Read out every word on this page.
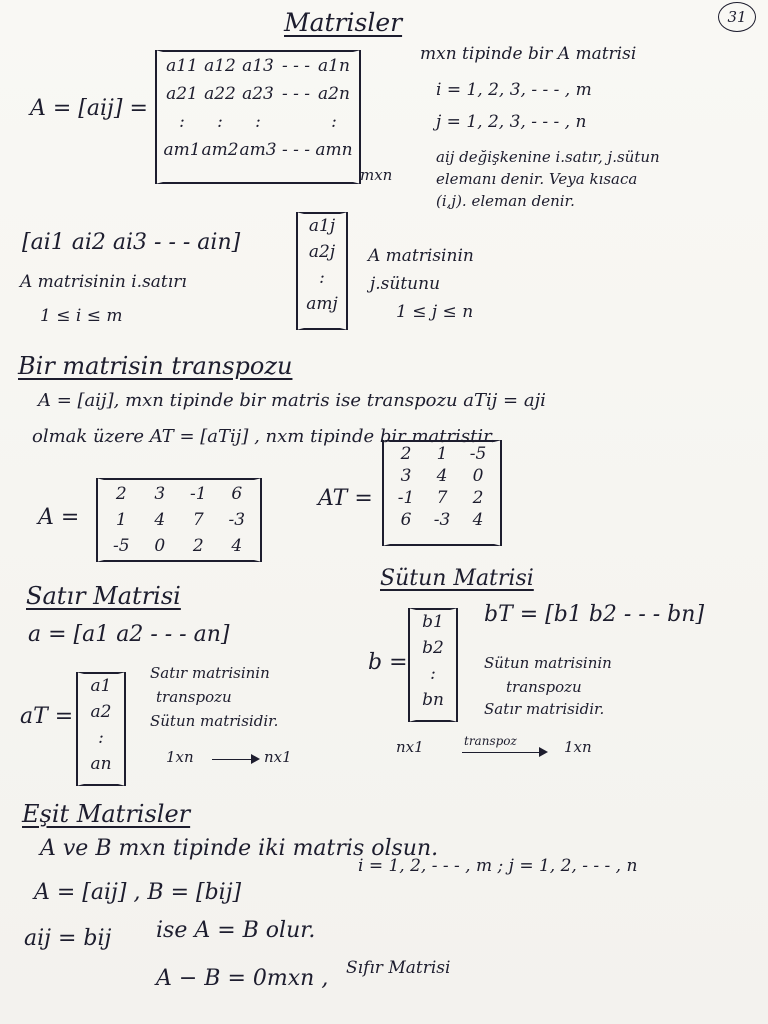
31
Matrisler
A = [aij] =
a11 a12 a13 - - - a1n
a21 a22 a23 - - - a2n
:	:	:	:
am1 am2 am3 - - - amn
mxn
mxn tipinde bir A matrisi
i = 1, 2, 3, - - - , m
j = 1, 2, 3, - - - , n
aij değişkenine i.satır, j.sütun
elemanı denir. Veya kısaca
(i,j). eleman denir.
[ai1 ai2 ai3 - - - ain]
A matrisinin i.satırı
1 ≤ i ≤ m
a1j
a2j
:
amj
A matrisinin
j.sütunu
1 ≤ j ≤ n
Bir matrisin transpozu
A = [aij], mxn tipinde bir matris ise transpozu aTij = aji
olmak üzere AT = [aTij] , nxm tipinde bir matristir.
A =
2	3	-1	6
1	4	7	-3
-5	0	2	4
AT =
2	1	-5
3	4	0
-1	7	2
6	-3	4
Satır Matrisi
a = [a1 a2 - - - an]
aT =
a1
a2
:
an
Satır matrisinin
transpozu
Sütun matrisidir.
1xn	nx1
Sütun Matrisi
b =
b1
b2
:
bn
bT = [b1 b2 - - - bn]
Sütun matrisinin
transpozu
Satır matrisidir.
nx1	transpoz	1xn
Eşit Matrisler
A ve B mxn tipinde iki matris olsun.
A = [aij] , B = [bij]
i = 1, 2, - - - , m ; j = 1, 2, - - - , n
aij = bij ise A = B olur.
A − B = 0mxn , Sıfır Matrisi
